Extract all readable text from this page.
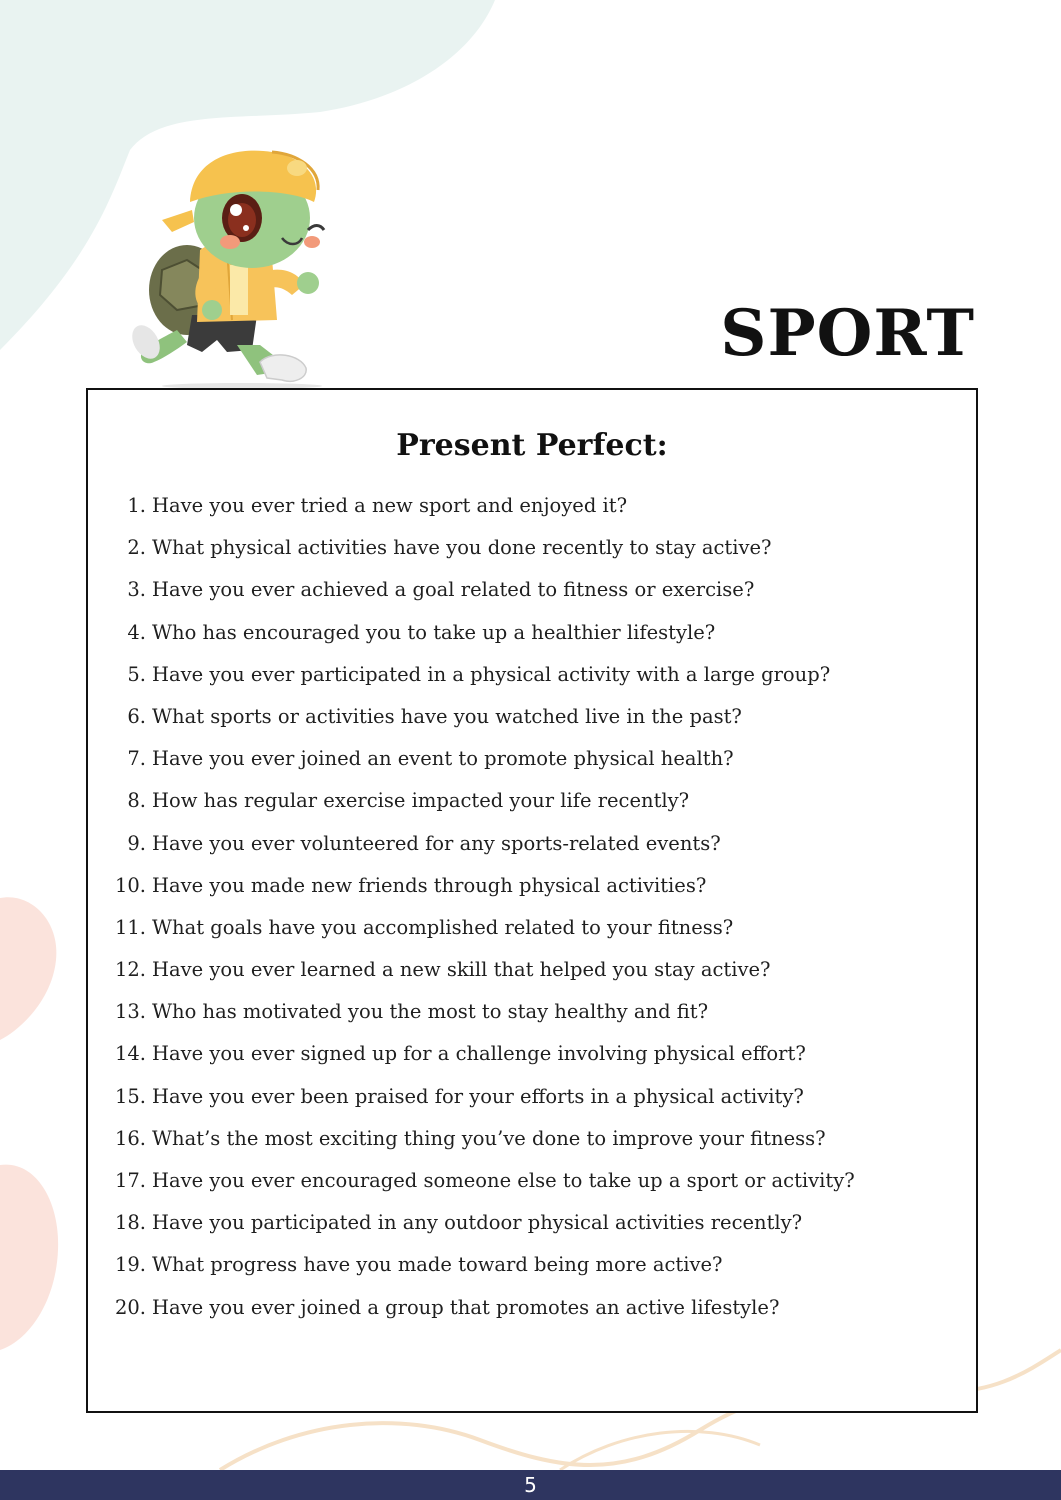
SPORT
Present Perfect:
1. Have you ever tried a new sport and enjoyed it?
2. What physical activities have you done recently to stay active?
3. Have you ever achieved a goal related to fitness or exercise?
4. Who has encouraged you to take up a healthier lifestyle?
5. Have you ever participated in a physical activity with a large group?
6. What sports or activities have you watched live in the past?
7. Have you ever joined an event to promote physical health?
8. How has regular exercise impacted your life recently?
9. Have you ever volunteered for any sports-related events?
10. Have you made new friends through physical activities?
11. What goals have you accomplished related to your fitness?
12. Have you ever learned a new skill that helped you stay active?
13. Who has motivated you the most to stay healthy and fit?
14. Have you ever signed up for a challenge involving physical effort?
15. Have you ever been praised for your efforts in a physical activity?
16. What’s the most exciting thing you’ve done to improve your fitness?
17. Have you ever encouraged someone else to take up a sport or activity?
18. Have you participated in any outdoor physical activities recently?
19. What progress have you made toward being more active?
20. Have you ever joined a group that promotes an active lifestyle?
5
